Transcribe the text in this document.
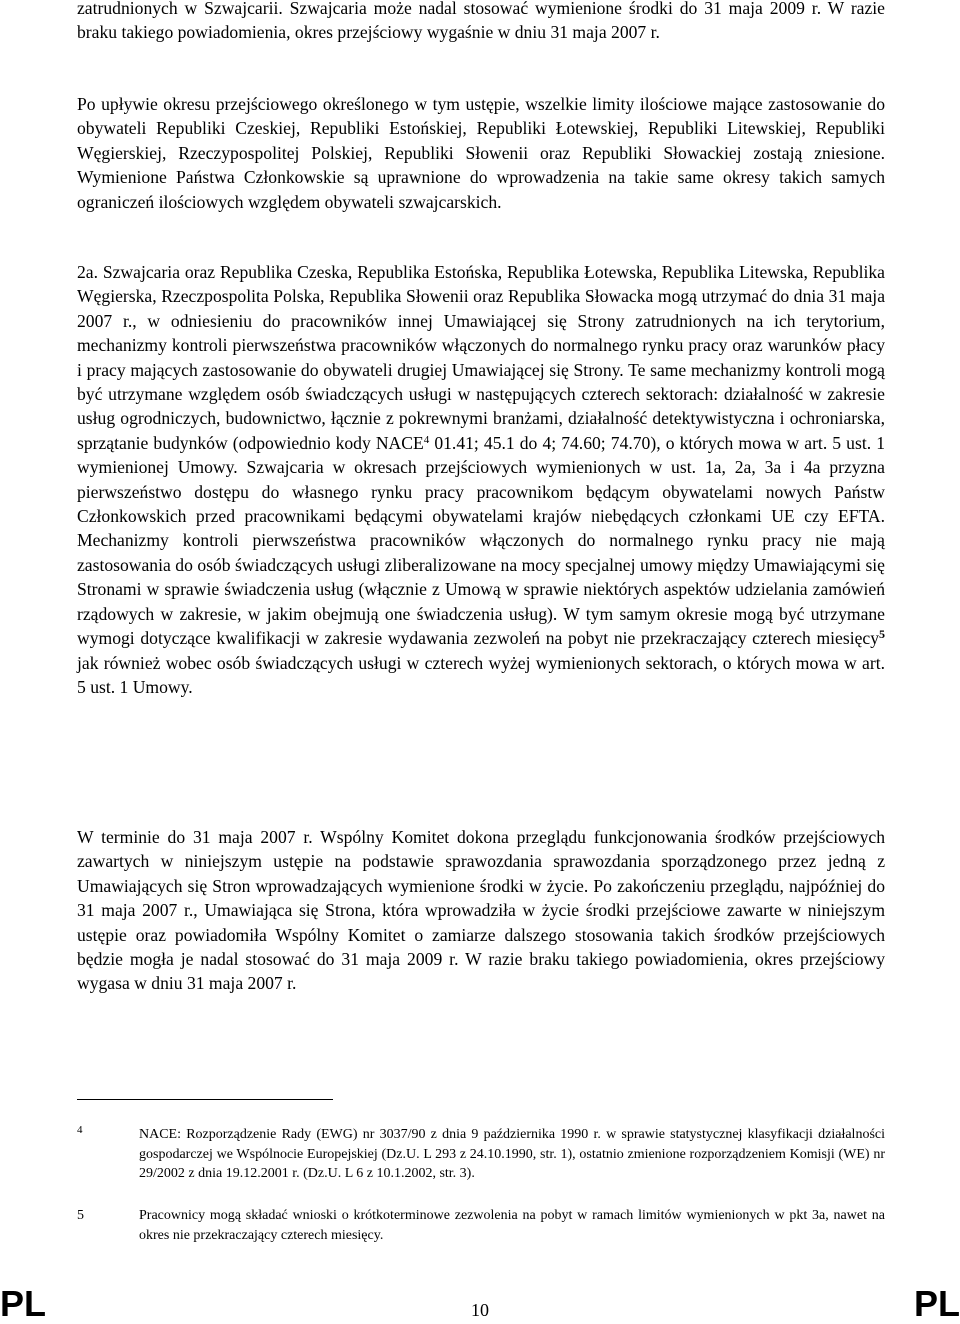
zatrudnionych w Szwajcarii. Szwajcaria może nadal stosować wymienione środki do 31 maja 2009 r. W razie braku takiego powiadomienia, okres przejściowy wygaśnie w dniu 31 maja 2007 r.

Po upływie okresu przejściowego określonego w tym ustępie, wszelkie limity ilościowe mające zastosowanie do obywateli Republiki Czeskiej, Republiki Estońskiej, Republiki Łotewskiej, Republiki Litewskiej, Republiki Węgierskiej, Rzeczypospolitej Polskiej, Republiki Słowenii oraz Republiki Słowackiej zostają zniesione. Wymienione Państwa Członkowskie są uprawnione do wprowadzenia na takie same okresy takich samych ograniczeń ilościowych względem obywateli szwajcarskich.

2a. Szwajcaria oraz Republika Czeska, Republika Estońska, Republika Łotewska, Republika Litewska, Republika Węgierska, Rzeczpospolita Polska, Republika Słowenii oraz Republika Słowacka mogą utrzymać do dnia 31 maja 2007 r., w odniesieniu do pracowników innej Umawiającej się Strony zatrudnionych na ich terytorium, mechanizmy kontroli pierwszeństwa pracowników włączonych do normalnego rynku pracy oraz warunków płacy i pracy mających zastosowanie do obywateli drugiej Umawiającej się Strony. Te same mechanizmy kontroli mogą być utrzymane względem osób świadczących usługi w następujących czterech sektorach: działalność w zakresie usług ogrodniczych, budownictwo, łącznie z pokrewnymi branżami, działalność detektywistyczna i ochroniarska, sprzątanie budynków (odpowiednio kody NACE$^4$ 01.41; 45.1 do 4; 74.60; 74.70), o których mowa w art. 5 ust. 1 wymienionej Umowy. Szwajcaria w okresach przejściowych wymienionych w ust. 1a, 2a, 3a i 4a przyzna pierwszeństwo dostępu do własnego rynku pracy pracownikom będącym obywatelami nowych Państw Członkowskich przed pracownikami będącymi obywatelami krajów niebędących członkami UE czy EFTA. Mechanizmy kontroli pierwszeństwa pracowników włączonych do normalnego rynku pracy nie mają zastosowania do osób świadczących usługi zliberalizowane na mocy specjalnej umowy między Umawiającymi się Stronami w sprawie świadczenia usług (włącznie z Umową w sprawie niektórych aspektów udzielania zamówień rządowych w zakresie, w jakim obejmują one świadczenia usług). W tym samym okresie mogą być utrzymane wymogi dotyczące kwalifikacji w zakresie wydawania zezwoleń na pobyt nie przekraczający czterech miesięcy$^5$ jak również wobec osób świadczących usługi w czterech wyżej wymienionych sektorach, o których mowa w art. 5 ust. 1 Umowy.

W terminie do 31 maja 2007 r. Wspólny Komitet dokona przeglądu funkcjonowania środków przejściowych zawartych w niniejszym ustępie na podstawie sprawozdania sprawozdania sporządzonego przez jedną z Umawiających się Stron wprowadzających wymienione środki w życie. Po zakończeniu przeglądu, najpóźniej do 31 maja 2007 r., Umawiająca się Strona, która wprowadziła w życie środki przejściowe zawarte w niniejszym ustępie oraz powiadomiła Wspólny Komitet o zamiarze dalszego stosowania takich środków przejściowych będzie mogła je nadal stosować do 31 maja 2009 r. W razie braku takiego powiadomienia, okres przejściowy wygasa w dniu 31 maja 2007 r.

4	NACE: Rozporządzenie Rady (EWG) nr 3037/90 z dnia 9 października 1990 r. w sprawie statystycznej klasyfikacji działalności gospodarczej we Wspólnocie Europejskiej (Dz.U. L 293 z 24.10.1990, str. 1), ostatnio zmienione rozporządzeniem Komisji (WE) nr 29/2002 z dnia 19.12.2001 r. (Dz.U. L 6 z 10.1.2002, str. 3).
5	Pracownicy mogą składać wnioski o krótkoterminowe zezwolenia na pobyt w ramach limitów wymienionych w pkt 3a, nawet na okres nie przekraczający czterech miesięcy.
PL	10	PL
